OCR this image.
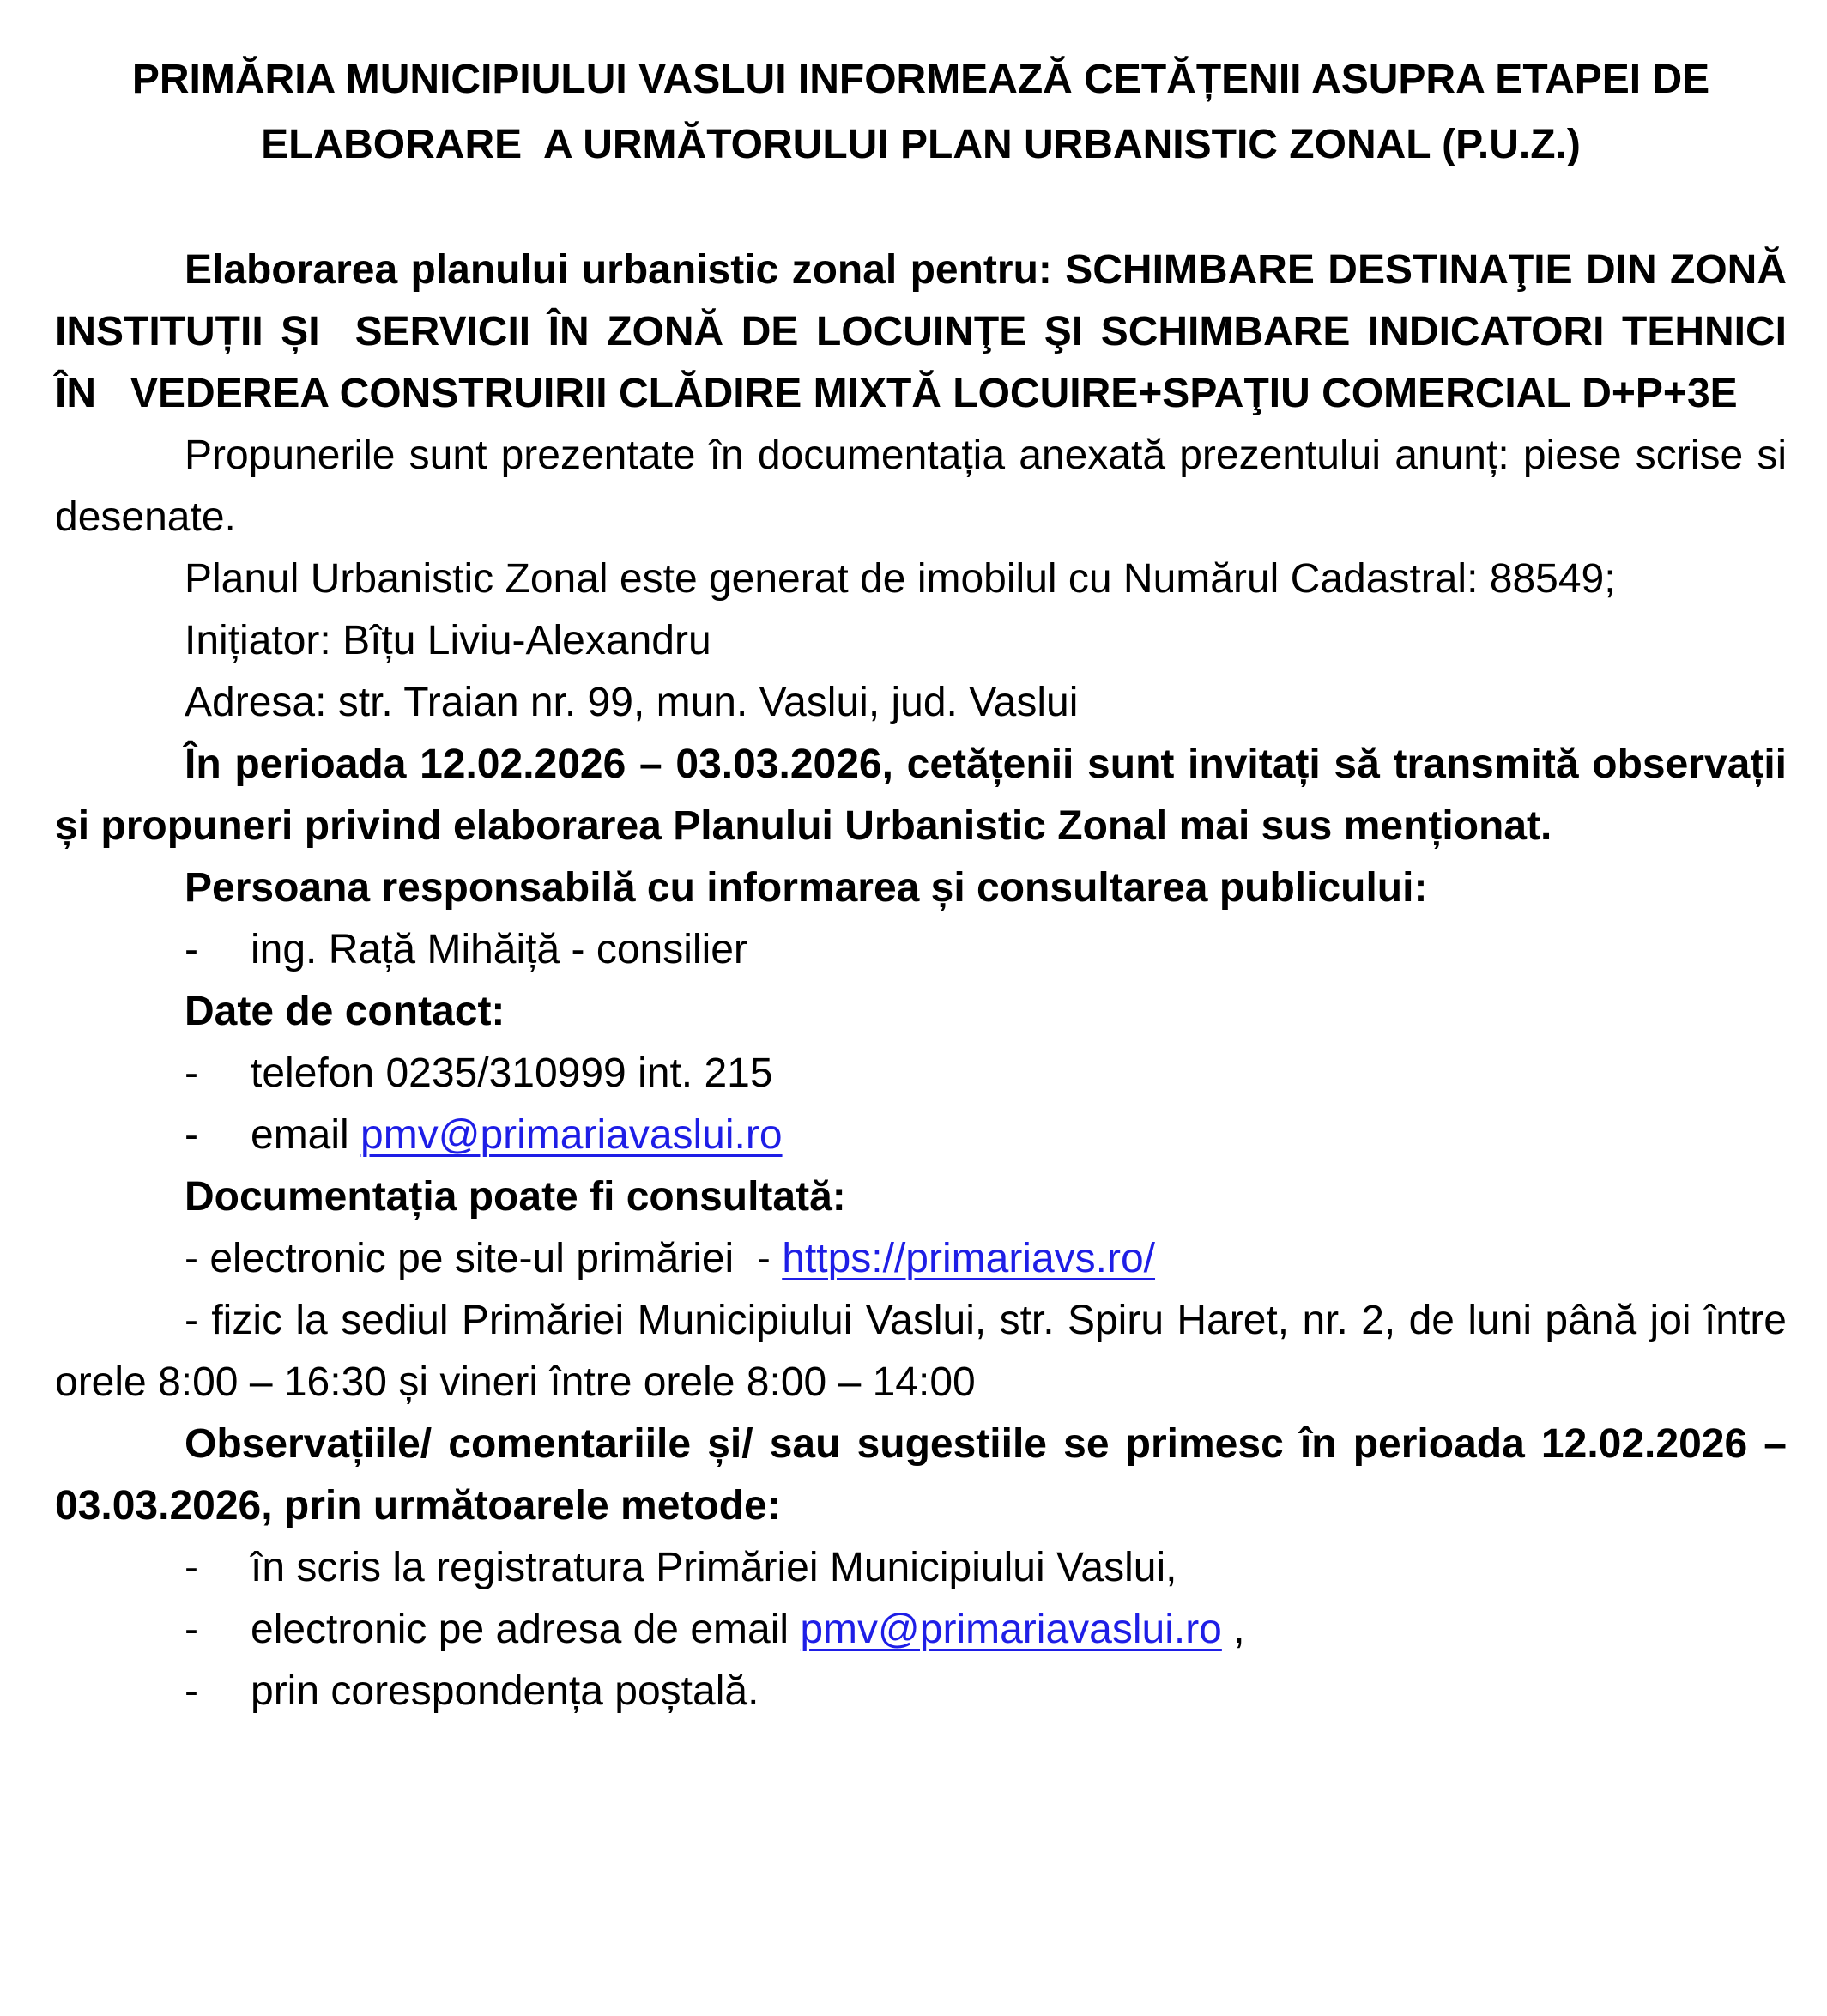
PRIMĂRIA MUNICIPIULUI VASLUI INFORMEAZĂ CETĂȚENII ASUPRA ETAPEI DE ELABORARE  A URMĂTORULUI PLAN URBANISTIC ZONAL (P.U.Z.)

Elaborarea planului urbanistic zonal pentru: SCHIMBARE DESTINAŢIE DIN ZONĂ INSTITUȚII ȘI  SERVICII ÎN ZONĂ DE LOCUINŢE ŞI SCHIMBARE INDICATORI TEHNICI   ÎN   VEDEREA CONSTRUIRII CLĂDIRE MIXTĂ LOCUIRE+SPAŢIU COMERCIAL D+P+3E

Propunerile sunt prezentate în documentația anexată prezentului anunț: piese scrise si desenate.

Planul Urbanistic Zonal este generat de imobilul cu Numărul Cadastral: 88549;

Inițiator: Bîțu Liviu-Alexandru

Adresa: str. Traian nr. 99, mun. Vaslui, jud. Vaslui

În perioada 12.02.2026 – 03.03.2026, cetățenii sunt invitați să transmită observații și propuneri privind elaborarea Planului Urbanistic Zonal mai sus menționat.

Persoana responsabilă cu informarea și consultarea publicului:

-	ing. Rață Mihăiță - consilier

Date de contact:

-	telefon 0235/310999 int. 215

-	email pmv@primariavaslui.ro

Documentația poate fi consultată:

- electronic pe site-ul primăriei  - https://primariavs.ro/

- fizic la sediul Primăriei Municipiului Vaslui, str. Spiru Haret, nr. 2, de luni până joi între orele 8:00 – 16:30 și vineri între orele 8:00 – 14:00

Observațiile/ comentariile și/ sau sugestiile se primesc în perioada 12.02.2026 – 03.03.2026, prin următoarele metode:

-	în scris la registratura Primăriei Municipiului Vaslui,

-	electronic pe adresa de email pmv@primariavaslui.ro ,

-	prin corespondența poștală.
